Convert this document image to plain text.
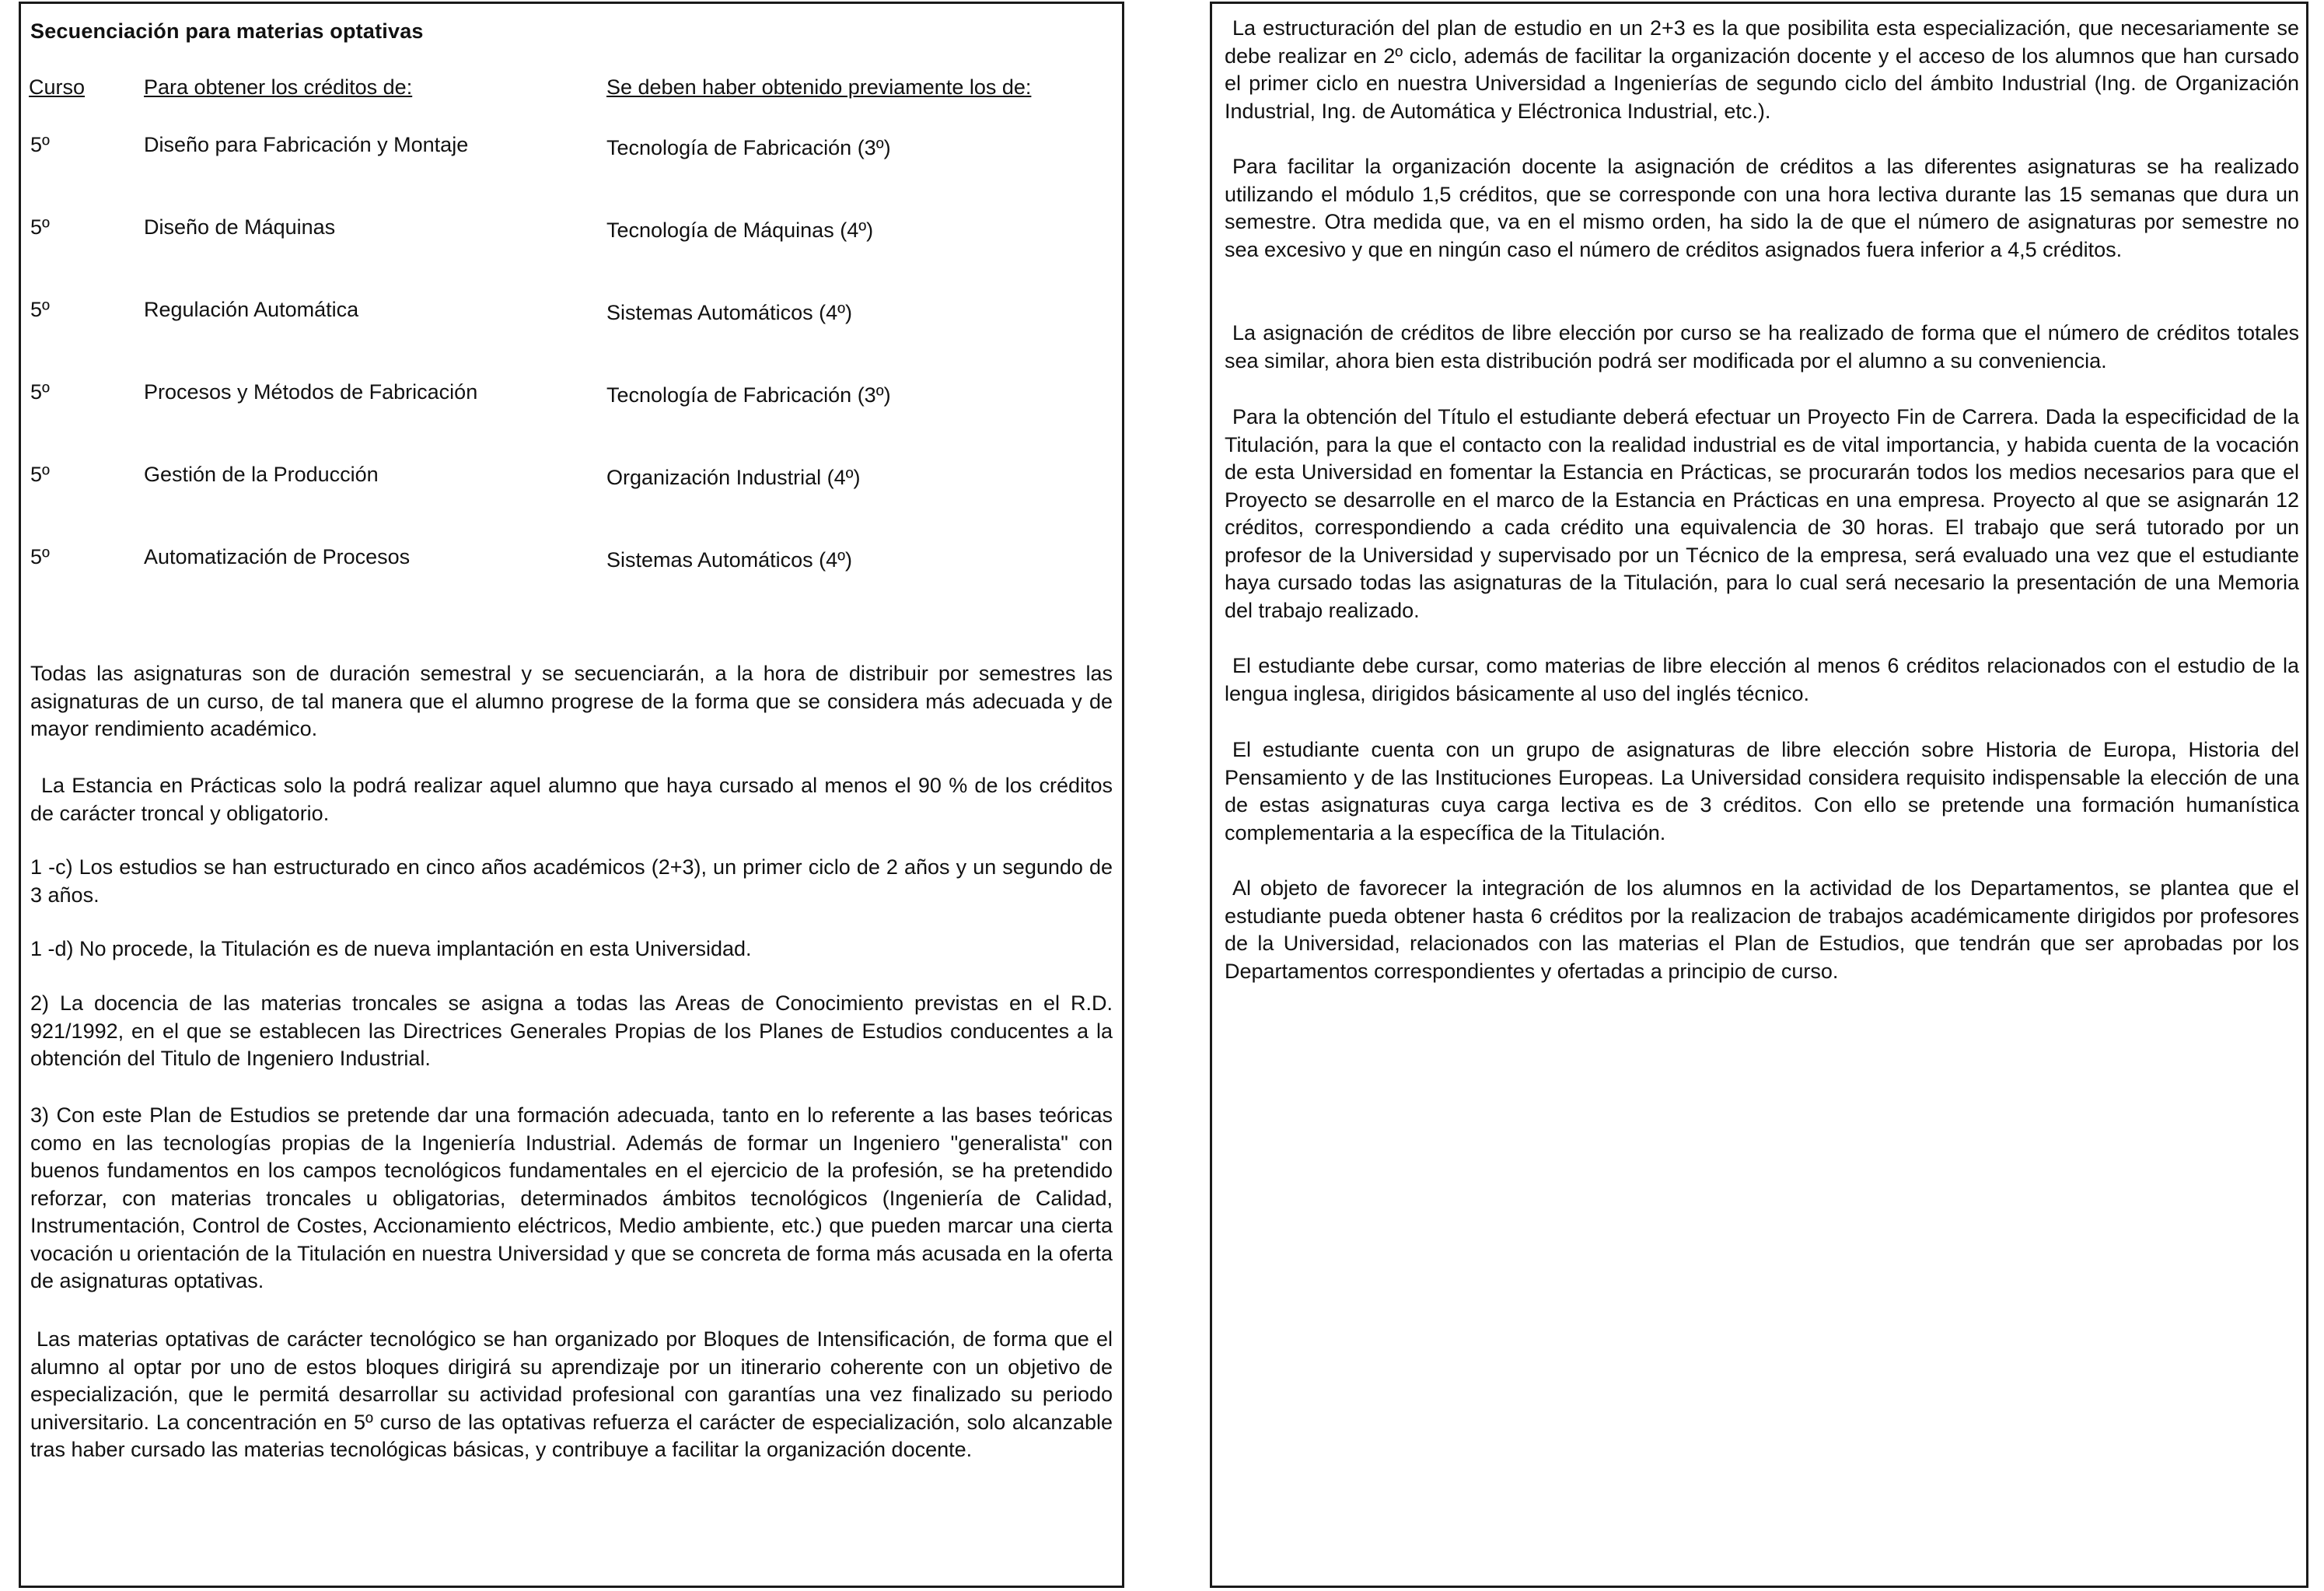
Secuenciación para materias optativas
Curso	Para obtener los créditos de:	Se deben haber obtenido previamente los de:
5º	Diseño para Fabricación y Montaje	Tecnología de Fabricación (3º)
5º	Diseño de Máquinas	Tecnología de Máquinas (4º)
5º	Regulación Automática	Sistemas Automáticos (4º)
5º	Procesos y Métodos de Fabricación	Tecnología de Fabricación (3º)
5º	Gestión de la Producción	Organización Industrial (4º)
5º	Automatización de Procesos	Sistemas Automáticos (4º)

Todas las asignaturas son de duración semestral y se secuenciarán, a la hora de distribuir por semestres las asignaturas de un curso, de tal manera que el alumno progrese de la forma que se considera más adecuada y de mayor rendimiento académico.

La Estancia en Prácticas solo la podrá realizar aquel alumno que haya cursado al menos el 90 % de los créditos de carácter troncal y obligatorio.

1 -c) Los estudios se han estructurado en cinco años académicos (2+3), un primer ciclo de 2 años y un segundo de 3 años.

1 -d) No procede, la Titulación es de nueva implantación en esta Universidad.

2) La docencia de las materias troncales se asigna a todas las Areas de Conocimiento previstas en el R.D. 921/1992, en el que se establecen las Directrices Generales Propias de los Planes de Estudios conducentes a la obtención del Titulo de Ingeniero Industrial.

3) Con este Plan de Estudios se pretende dar una formación adecuada, tanto en lo referente a las bases teóricas como en las tecnologías propias de la Ingeniería Industrial. Además de formar un Ingeniero "generalista" con buenos fundamentos en los campos tecnológicos fundamentales en el ejercicio de la profesión, se ha pretendido reforzar, con materias troncales u obligatorias, determinados ámbitos tecnológicos (Ingeniería de Calidad, Instrumentación, Control de Costes, Accionamiento eléctricos, Medio ambiente, etc.) que pueden marcar una cierta vocación u orientación de la Titulación en nuestra Universidad y que se concreta de forma más acusada en la oferta de asignaturas optativas.

Las materias optativas de carácter tecnológico se han organizado por Bloques de Intensificación, de forma que el alumno al optar por uno de estos bloques dirigirá su aprendizaje por un itinerario coherente con un objetivo de especialización, que le permitá desarrollar su actividad profesional con garantías una vez finalizado su periodo universitario. La concentración en 5º curso de las optativas refuerza el carácter de especialización, solo alcanzable tras haber cursado las materias tecnológicas básicas, y contribuye a facilitar la organización docente.

La estructuración del plan de estudio en un 2+3 es la que posibilita esta especialización, que necesariamente se debe realizar en 2º ciclo, además de facilitar la organización docente y el acceso de los alumnos que han cursado el primer ciclo en nuestra Universidad a Ingenierías de segundo ciclo del ámbito Industrial (Ing. de Organización Industrial, Ing. de Automática y Eléctronica Industrial, etc.).

Para facilitar la organización docente la asignación de créditos a las diferentes asignaturas se ha realizado utilizando el módulo 1,5 créditos, que se corresponde con una hora lectiva durante las 15 semanas que dura un semestre. Otra medida que, va en el mismo orden, ha sido la de que el número de asignaturas por semestre no sea excesivo y que en ningún caso el número de créditos asignados fuera inferior a 4,5 créditos.

La asignación de créditos de libre elección por curso se ha realizado de forma que el número de créditos totales sea similar, ahora bien esta distribución podrá ser modificada por el alumno a su conveniencia.

Para la obtención del Título el estudiante deberá efectuar un Proyecto Fin de Carrera. Dada la especificidad de la Titulación, para la que el contacto con la realidad industrial es de vital importancia, y habida cuenta de la vocación de esta Universidad en fomentar la Estancia en Prácticas, se procurarán todos los medios necesarios para que el Proyecto se desarrolle en el marco de la Estancia en Prácticas en una empresa. Proyecto al que se asignarán 12 créditos, correspondiendo a cada crédito una equivalencia de 30 horas. El trabajo que será tutorado por un profesor de la Universidad y supervisado por un Técnico de la empresa, será evaluado una vez que el estudiante haya cursado todas las asignaturas de la Titulación, para lo cual será necesario la presentación de una Memoria del trabajo realizado.

El estudiante debe cursar, como materias de libre elección al menos 6 créditos relacionados con el estudio de la lengua inglesa, dirigidos básicamente al uso del inglés técnico.

El estudiante cuenta con un grupo de asignaturas de libre elección sobre Historia de Europa, Historia del Pensamiento y de las Instituciones Europeas. La Universidad considera requisito indispensable la elección de una de estas asignaturas cuya carga lectiva es de 3 créditos. Con ello se pretende una formación humanística complementaria a la específica de la Titulación.

Al objeto de favorecer la integración de los alumnos en la actividad de los Departamentos, se plantea que el estudiante pueda obtener hasta 6 créditos por la realizacion de trabajos académicamente dirigidos por profesores de la Universidad, relacionados con las materias el Plan de Estudios, que tendrán que ser aprobadas por los Departamentos correspondientes y ofertadas a principio de curso.
